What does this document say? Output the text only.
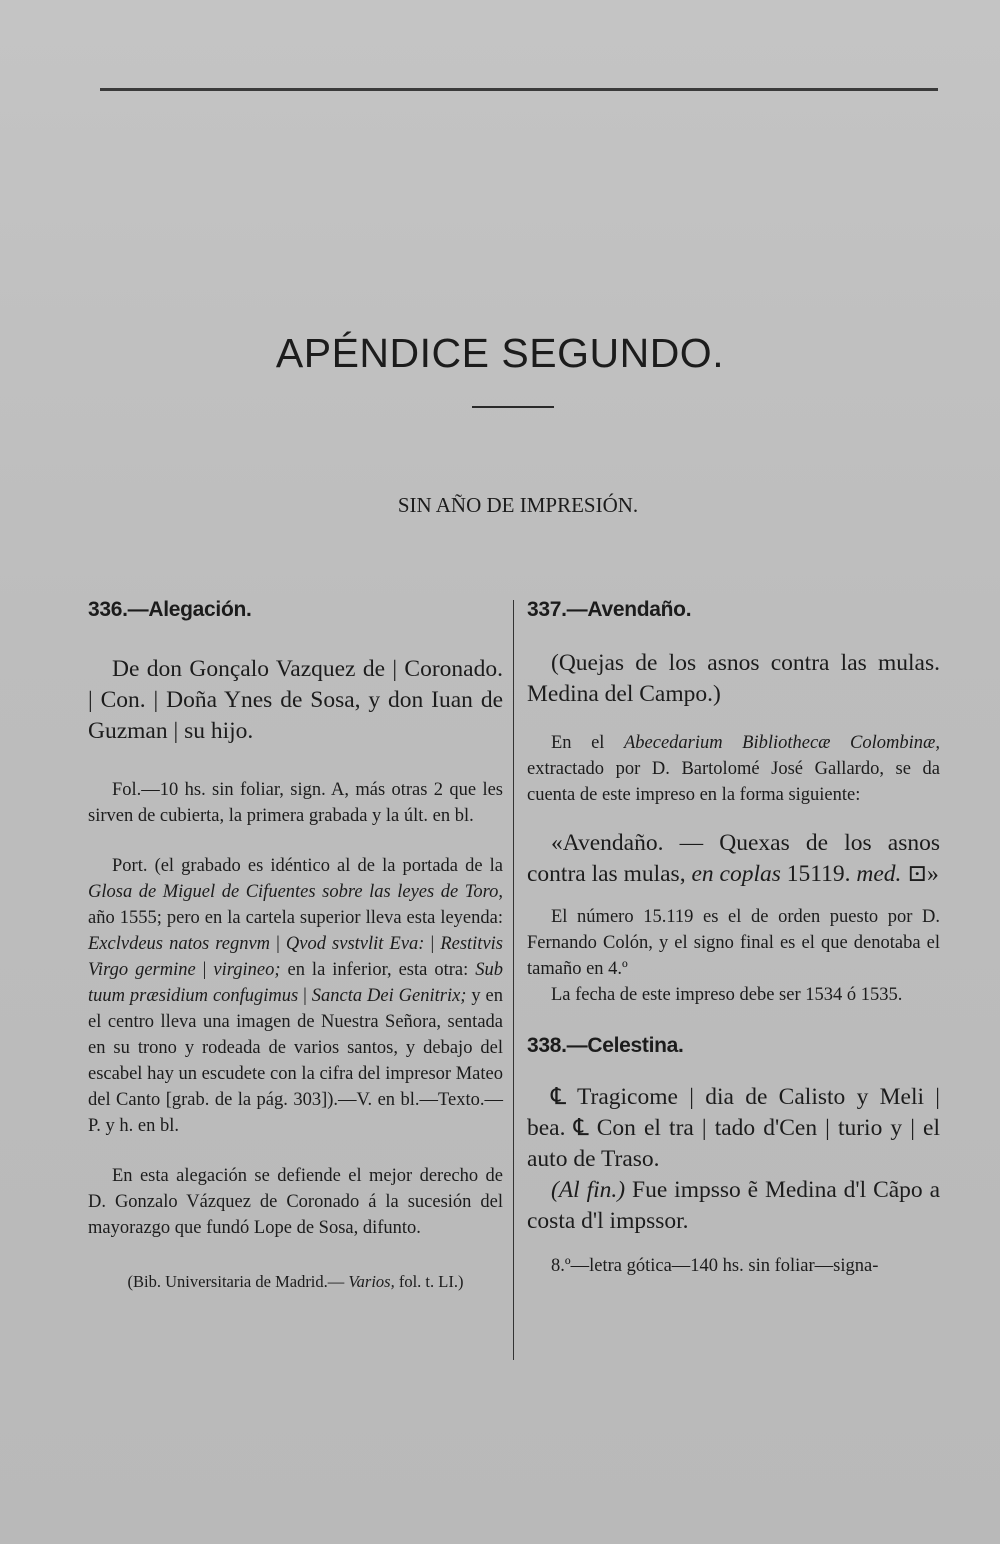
APÉNDICE SEGUNDO.
SIN AÑO DE IMPRESIÓN.

336.—Alegación.

De don Gonçalo Vazquez de | Coronado. | Con. | Doña Ynes de Sosa, y don Iuan de Guzman | su hijo.

Fol.—10 hs. sin foliar, sign. A, más otras 2 que les sirven de cubierta, la primera grabada y la últ. en bl.

Port. (el grabado es idéntico al de la portada de la Glosa de Miguel de Cifuentes sobre las leyes de Toro, año 1555; pero en la cartela superior lleva esta leyenda: Exclvdeus natos regnvm | Qvod svstvlit Eva: | Restitvis Virgo germine | virgineo; en la inferior, esta otra: Sub tuum præsidium confugimus | Sancta Dei Genitrix; y en el centro lleva una imagen de Nuestra Señora, sentada en su trono y rodeada de varios santos, y debajo del escabel hay un escudete con la cifra del impresor Mateo del Canto [grab. de la pág. 303]).—V. en bl.—Texto.—P. y h. en bl.

En esta alegación se defiende el mejor derecho de D. Gonzalo Vázquez de Coronado á la sucesión del mayorazgo que fundó Lope de Sosa, difunto.

(Bib. Universitaria de Madrid.— Varios, fol. t. LI.)

337.—Avendaño.

(Quejas de los asnos contra las mulas. Medina del Campo.)

En el Abecedarium Bibliothecæ Colombinæ, extractado por D. Bartolomé José Gallardo, se da cuenta de este impreso en la forma siguiente:

«Avendaño. — Quexas de los asnos contra las mulas, en coplas 15119. med. ⊡»

El número 15.119 es el de orden puesto por D. Fernando Colón, y el signo final es el que denotaba el tamaño en 4.º

La fecha de este impreso debe ser 1534 ó 1535.

338.—Celestina.

℄ Tragicome | dia de Calisto y Meli | bea. ℄ Con el tra | tado d'Cen | turio y | el auto de Traso.

(Al fin.) Fue impsso ẽ Medina d'l Cãpo a costa d'l impssor.

8.º—letra gótica—140 hs. sin foliar—signa-
